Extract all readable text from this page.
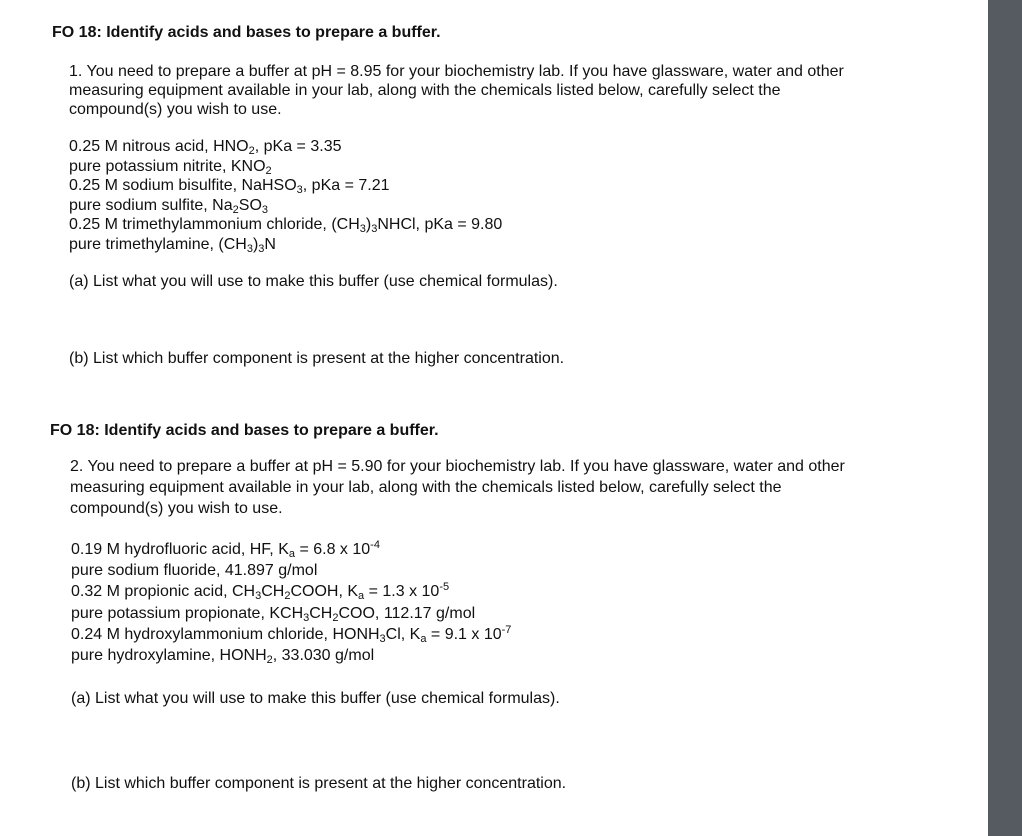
FO 18: Identify acids and bases to prepare a buffer.
1. You need to prepare a buffer at pH = 8.95 for your biochemistry lab. If you have glassware, water and other
measuring equipment available in your lab, along with the chemicals listed below, carefully select the
compound(s) you wish to use.
0.25 M nitrous acid, $HNO_2$, pKa = 3.35
pure potassium nitrite, $KNO_2$
0.25 M sodium bisulfite, NaHSO$_3$, pKa = 7.21
pure sodium sulfite, $Na_2SO_3$
0.25 M trimethylammonium chloride, $(CH_3)_3NHCl$, pKa = 9.80
pure trimethylamine, $(CH_3)_3N$

(a) List what you will use to make this buffer (use chemical formulas).

(b) List which buffer component is present at the higher concentration.

FO 18: Identify acids and bases to prepare a buffer.
2. You need to prepare a buffer at pH = 5.90 for your biochemistry lab. If you have glassware, water and other
measuring equipment available in your lab, along with the chemicals listed below, carefully select the
compound(s) you wish to use.
0.19 M hydrofluoric acid, HF, $K_a = 6.8$ x $10^{-4}$
pure sodium fluoride, 41.897 g/mol
0.32 M propionic acid, $CH_3CH_2COOH$, $K_a = 1.3$ x $10^{-5}$
pure potassium propionate, $KCH_3CH_2COO$, 112.17 g/mol
0.24 M hydroxylammonium chloride, $HONH_3Cl$, $K_a = 9.1$ x $10^{-7}$
pure hydroxylamine, $HONH_2$, 33.030 g/mol

(a) List what you will use to make this buffer (use chemical formulas).

(b) List which buffer component is present at the higher concentration.
